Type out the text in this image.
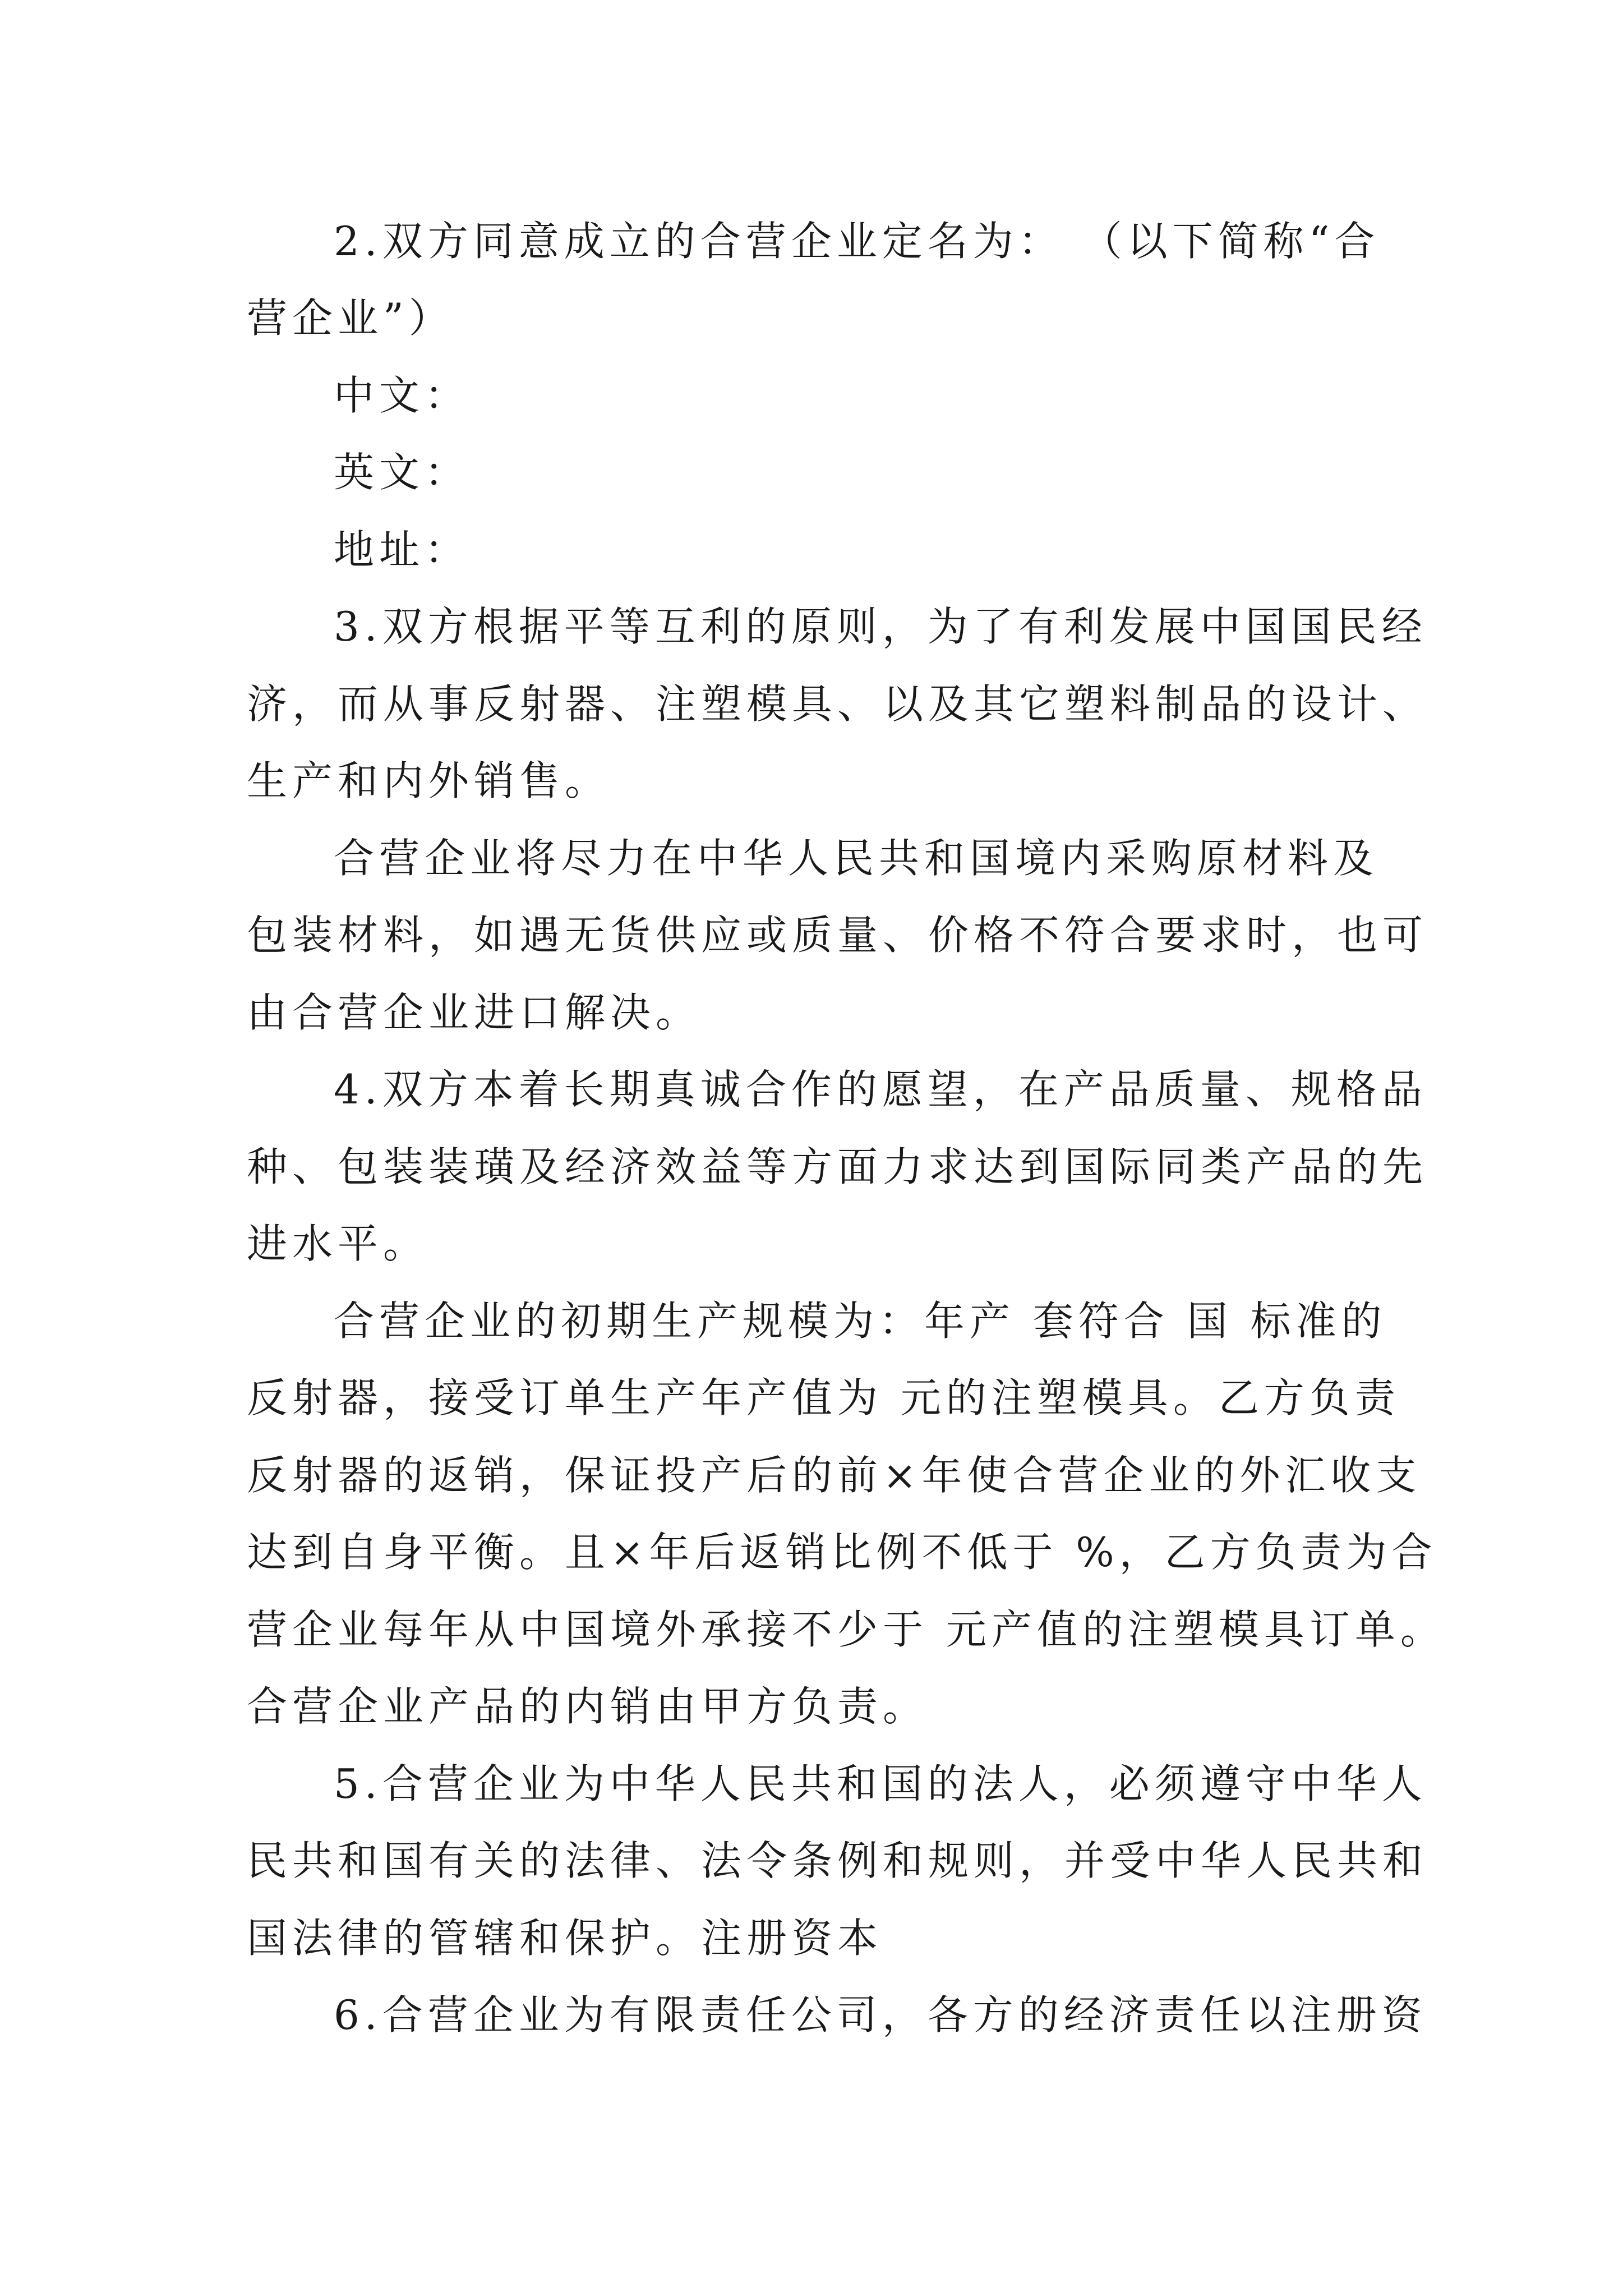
2.双方同意成立的合营企业定名为： （以下简称“合
营企业”）
中文：
英文：
地址：
3.双方根据平等互利的原则，为了有利发展中国国民经
济，而从事反射器、注塑模具、以及其它塑料制品的设计、
生产和内外销售。
合营企业将尽力在中华人民共和国境内采购原材料及
包装材料，如遇无货供应或质量、价格不符合要求时，也可
由合营企业进口解决。
4.双方本着长期真诚合作的愿望，在产品质量、规格品
种、包装装璜及经济效益等方面力求达到国际同类产品的先
进水平。
合营企业的初期生产规模为：年产 套符合 国 标准的
反射器，接受订单生产年产值为 元的注塑模具。乙方负责
反射器的返销，保证投产后的前×年使合营企业的外汇收支
达到自身平衡。且×年后返销比例不低于 %，乙方负责为合
营企业每年从中国境外承接不少于 元产值的注塑模具订单。
合营企业产品的内销由甲方负责。
5.合营企业为中华人民共和国的法人，必须遵守中华人
民共和国有关的法律、法令条例和规则，并受中华人民共和
国法律的管辖和保护。注册资本
6.合营企业为有限责任公司，各方的经济责任以注册资
